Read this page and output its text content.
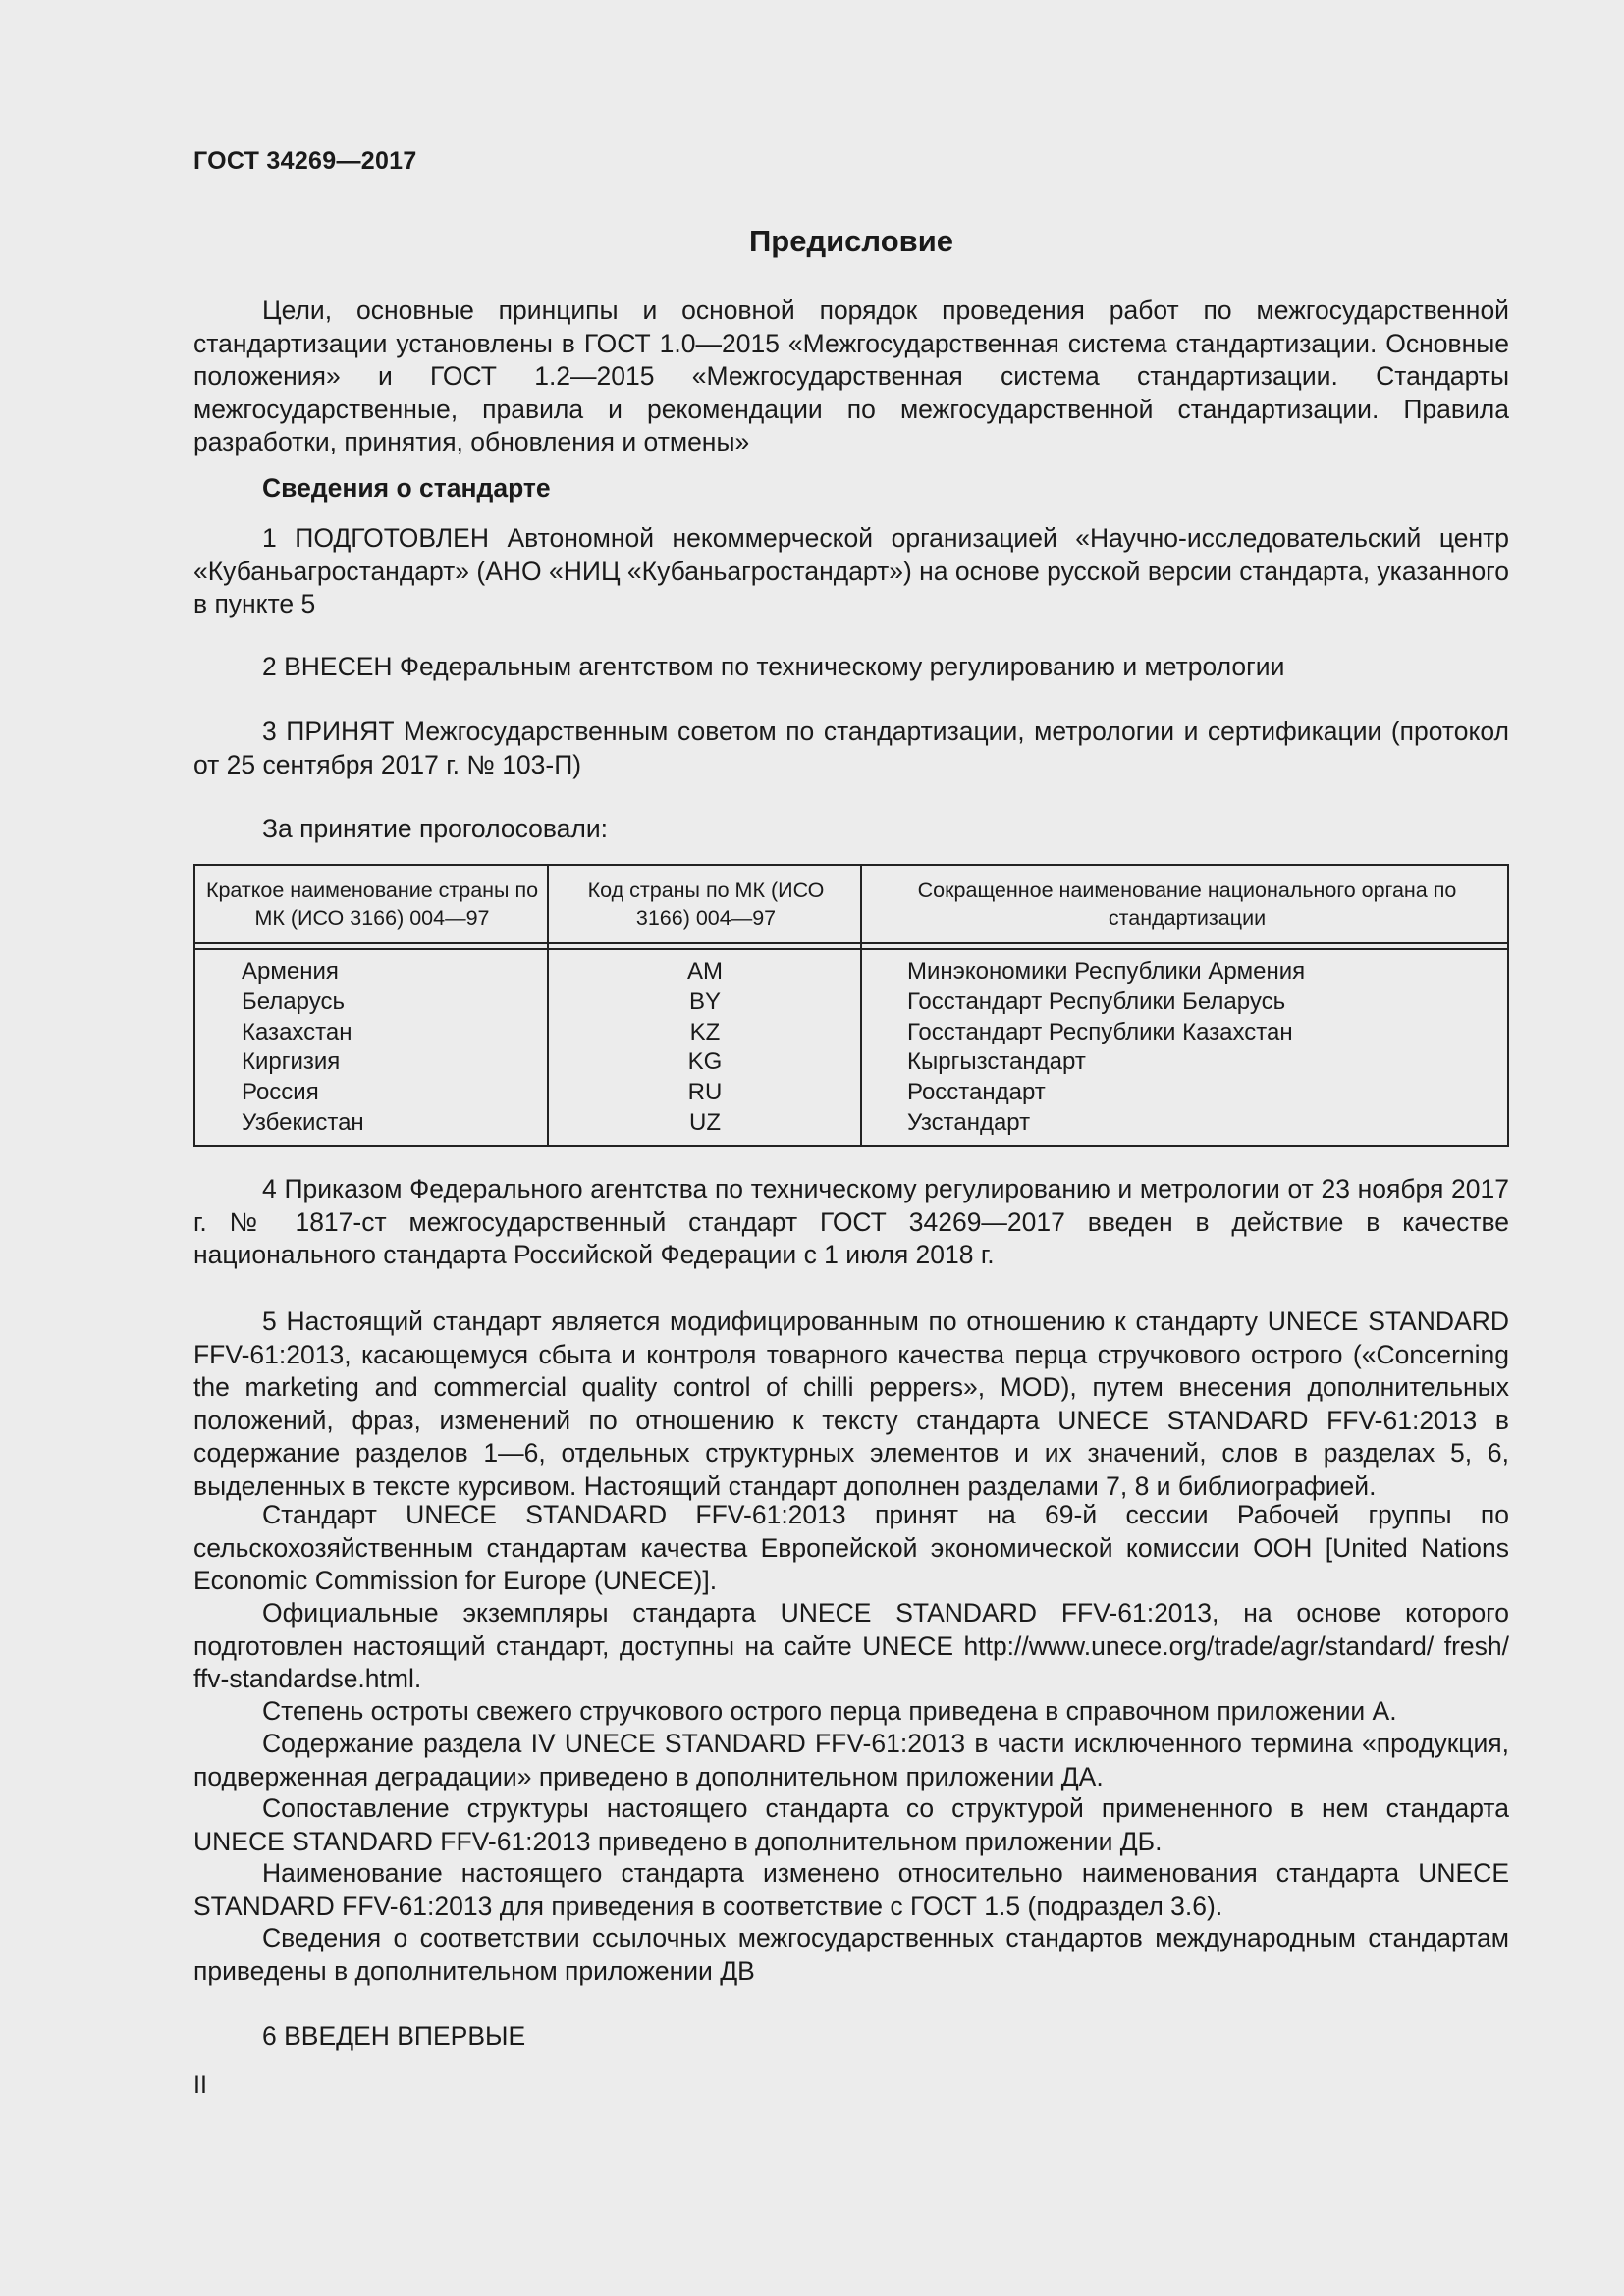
ГОСТ 34269—2017
Предисловие

Цели, основные принципы и основной порядок проведения работ по межгосударственной стандартизации установлены в ГОСТ 1.0—2015 «Межгосударственная система стандартизации. Основные положения» и ГОСТ 1.2—2015 «Межгосударственная система стандартизации. Стандарты межгосударственные, правила и рекомендации по межгосударственной стандартизации. Правила разработки, принятия, обновления и отмены»

Сведения о стандарте

1 ПОДГОТОВЛЕН Автономной некоммерческой организацией «Научно-исследовательский центр «Кубаньагростандарт» (АНО «НИЦ «Кубаньагростандарт») на основе русской версии стандарта, указанного в пункте 5

2 ВНЕСЕН Федеральным агентством по техническому регулированию и метрологии

3 ПРИНЯТ Межгосударственным советом по стандартизации, метрологии и сертификации (протокол от 25 сентября 2017 г. № 103-П)

За принятие проголосовали:

Краткое наименование страны по МК (ИСО 3166) 004—97
Код страны по МК (ИСО 3166) 004—97
Сокращенное наименование национального органа по стандартизации
Армения
Беларусь
Казахстан
Киргизия
Россия
Узбекистан
AM
BY
KZ
KG
RU
UZ
Минэкономики Республики Армения
Госстандарт Республики Беларусь
Госстандарт Республики Казахстан
Кыргызстандарт
Росстандарт
Узстандарт

4 Приказом Федерального агентства по техническому регулированию и метрологии от 23 ноября 2017 г. № 1817-ст межгосударственный стандарт ГОСТ 34269—2017 введен в действие в качестве национального стандарта Российской Федерации с 1 июля 2018 г.

5 Настоящий стандарт является модифицированным по отношению к стандарту UNECE STANDARD FFV-61:2013, касающемуся сбыта и контроля товарного качества перца стручкового острого («Concerning the marketing and commercial quality control of chilli peppers», MOD), путем внесения дополнительных положений, фраз, изменений по отношению к тексту стандарта UNECE STANDARD FFV-61:2013 в содержание разделов 1—6, отдельных структурных элементов и их значений, слов в разделах 5, 6, выделенных в тексте курсивом. Настоящий стандарт дополнен разделами 7, 8 и библиографией.

Стандарт UNECE STANDARD FFV-61:2013 принят на 69-й сессии Рабочей группы по сельскохозяйственным стандартам качества Европейской экономической комиссии ООН [United Nations Economic Commission for Europe (UNECE)].

Официальные экземпляры стандарта UNECE STANDARD FFV-61:2013, на основе которого подготовлен настоящий стандарт, доступны на сайте UNECE http://www.unece.org/trade/agr/standard/ fresh/ ffv-standardse.html.

Степень остроты свежего стручкового острого перца приведена в справочном приложении А.

Содержание раздела IV UNECE STANDARD FFV-61:2013 в части исключенного термина «продукция, подверженная деградации» приведено в дополнительном приложении ДА.

Сопоставление структуры настоящего стандарта со структурой примененного в нем стандарта UNECE STANDARD FFV-61:2013 приведено в дополнительном приложении ДБ.

Наименование настоящего стандарта изменено относительно наименования стандарта UNECE STANDARD FFV-61:2013 для приведения в соответствие с ГОСТ 1.5 (подраздел 3.6).

Сведения о соответствии ссылочных межгосударственных стандартов международным стандартам приведены в дополнительном приложении ДВ

6 ВВЕДЕН ВПЕРВЫЕ

II
